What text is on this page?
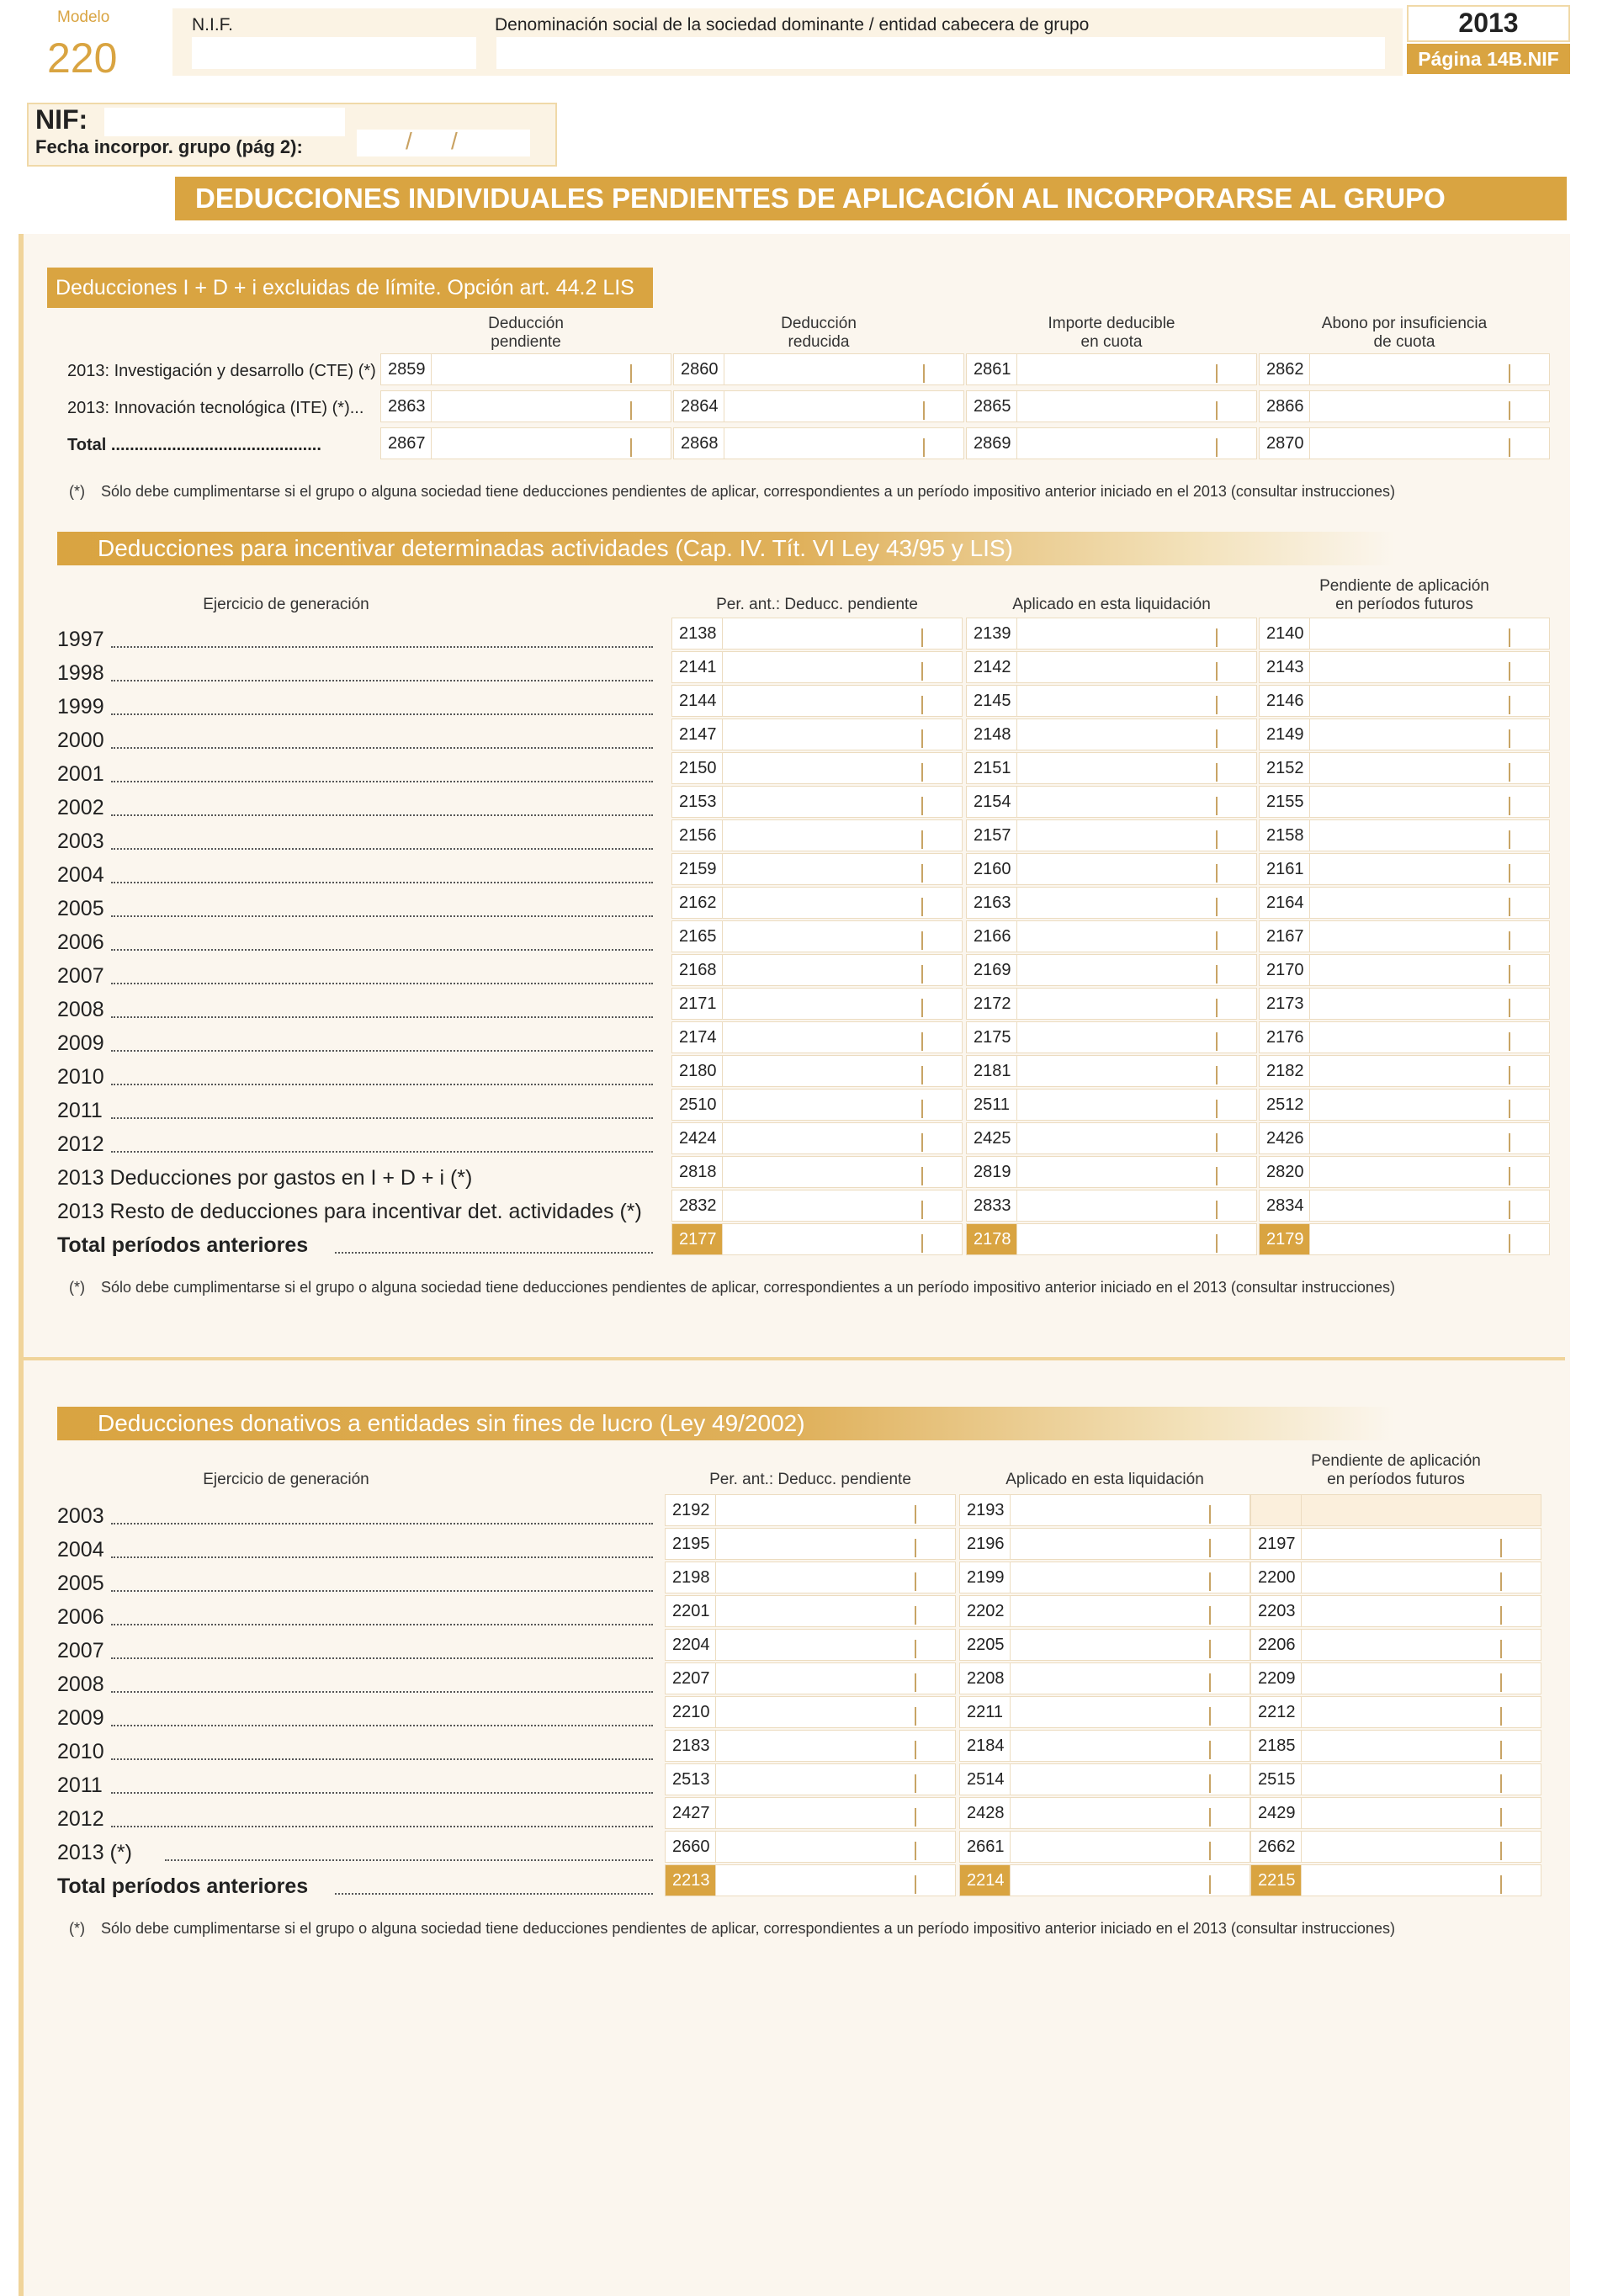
Modelo
220
N.I.F.	Denominación social de la sociedad dominante / entidad cabecera de grupo	2013
Página 14B.NIF
NIF:
Fecha incorpor. grupo (pág 2):	/ /
DEDUCCIONES INDIVIDUALES PENDIENTES DE APLICACIÓN AL INCORPORARSE AL GRUPO
Deducciones I + D + i excluidas de límite. Opción art. 44.2 LIS
Deducción
pendiente
Deducción
reducida
Importe deducible
en cuota
Abono por insuficiencia
de cuota
2013: Investigación y desarrollo (CTE) (*) 2859	2860	2861	2862
2013: Innovación tecnológica (ITE) (*)...	2863	2864	2865	2866
Total .............................................	2867	2868	2869	2870
(*) Sólo debe cumplimentarse si el grupo o alguna sociedad tiene deducciones pendientes de aplicar, correspondientes a un período impositivo anterior iniciado en el 2013 (consultar instrucciones)
Deducciones para incentivar determinadas actividades (Cap. IV. Tít. VI Ley 43/95 y LIS)
Ejercicio de generación	Per. ant.: Deducc. pendiente	Aplicado en esta liquidación
Pendiente de aplicación
en períodos futuros
1997	2138	2139	2140
1998	2141	2142	2143
1999	2144	2145	2146
2000	2147	2148	2149
2001	2150	2151	2152
2002	2153	2154	2155
2003	2156	2157	2158
2004	2159	2160	2161
2005	2162	2163	2164
2006	2165	2166	2167
2007	2168	2169	2170
2008	2171	2172	2173
2009	2174	2175	2176
2010	2180	2181	2182
2011	2510	2511	2512
2012	2424	2425	2426
2013 Deducciones por gastos en I + D + i (*)	2818	2819	2820
2013 Resto de deducciones para incentivar det. actividades (*)	2832	2833	2834
Total períodos anteriores	2177	2178	2179
(*) Sólo debe cumplimentarse si el grupo o alguna sociedad tiene deducciones pendientes de aplicar, correspondientes a un período impositivo anterior iniciado en el 2013 (consultar instrucciones)
Deducciones donativos a entidades sin fines de lucro (Ley 49/2002)
Ejercicio de generación	Per. ant.: Deducc. pendiente	Aplicado en esta liquidación
Pendiente de aplicación
en períodos futuros
2003	2192	2193
2004	2195	2196	2197
2005	2198	2199	2200
2006	2201	2202	2203
2007	2204	2205	2206
2008	2207	2208	2209
2009	2210	2211	2212
2010	2183	2184	2185
2011	2513	2514	2515
2012	2427	2428	2429
2013 (*)	2660	2661	2662
Total períodos anteriores	2213	2214	2215
(*) Sólo debe cumplimentarse si el grupo o alguna sociedad tiene deducciones pendientes de aplicar, correspondientes a un período impositivo anterior iniciado en el 2013 (consultar instrucciones)
